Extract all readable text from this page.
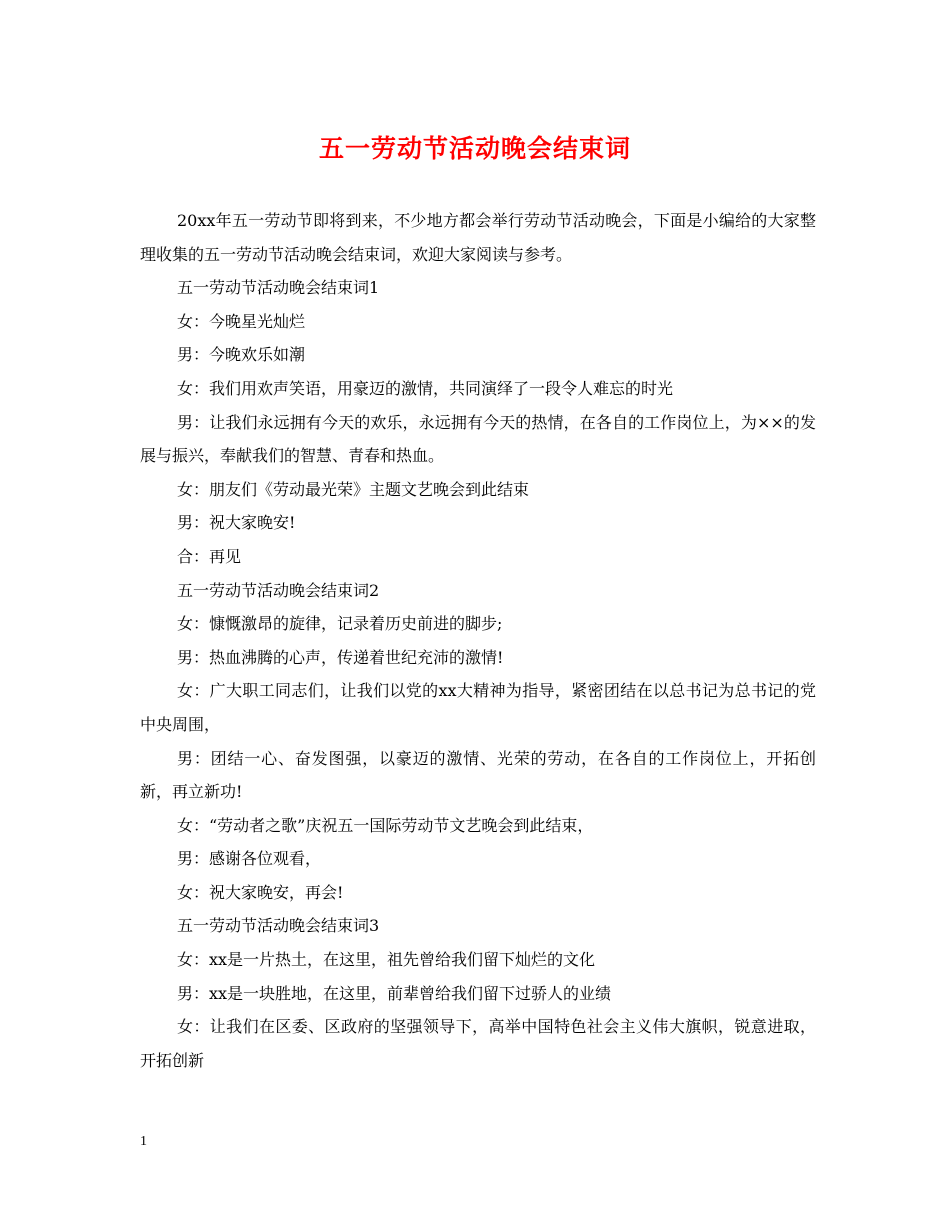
五一劳动节活动晚会结束词

20xx年五一劳动节即将到来，不少地方都会举行劳动节活动晚会，下面是小编给的大家整理收集的五一劳动节活动晚会结束词，欢迎大家阅读与参考。

五一劳动节活动晚会结束词1

女：今晚星光灿烂

男：今晚欢乐如潮

女：我们用欢声笑语，用豪迈的激情，共同演绎了一段令人难忘的时光

男：让我们永远拥有今天的欢乐，永远拥有今天的热情，在各自的工作岗位上，为××的发展与振兴，奉献我们的智慧、青春和热血。

女：朋友们《劳动最光荣》主题文艺晚会到此结束

男：祝大家晚安!

合：再见

五一劳动节活动晚会结束词2

女：慷慨激昂的旋律，记录着历史前进的脚步;

男：热血沸腾的心声，传递着世纪充沛的激情!

女：广大职工同志们，让我们以党的xx大精神为指导，紧密团结在以总书记为总书记的党中央周围，

男：团结一心、奋发图强，以豪迈的激情、光荣的劳动，在各自的工作岗位上，开拓创新，再立新功!

女：“劳动者之歌”庆祝五一国际劳动节文艺晚会到此结束，

男：感谢各位观看，

女：祝大家晚安，再会!

五一劳动节活动晚会结束词3

女：xx是一片热土，在这里，祖先曾给我们留下灿烂的文化

男：xx是一块胜地，在这里，前辈曾给我们留下过骄人的业绩

女：让我们在区委、区政府的坚强领导下，高举中国特色社会主义伟大旗帜，锐意进取，开拓创新

1
